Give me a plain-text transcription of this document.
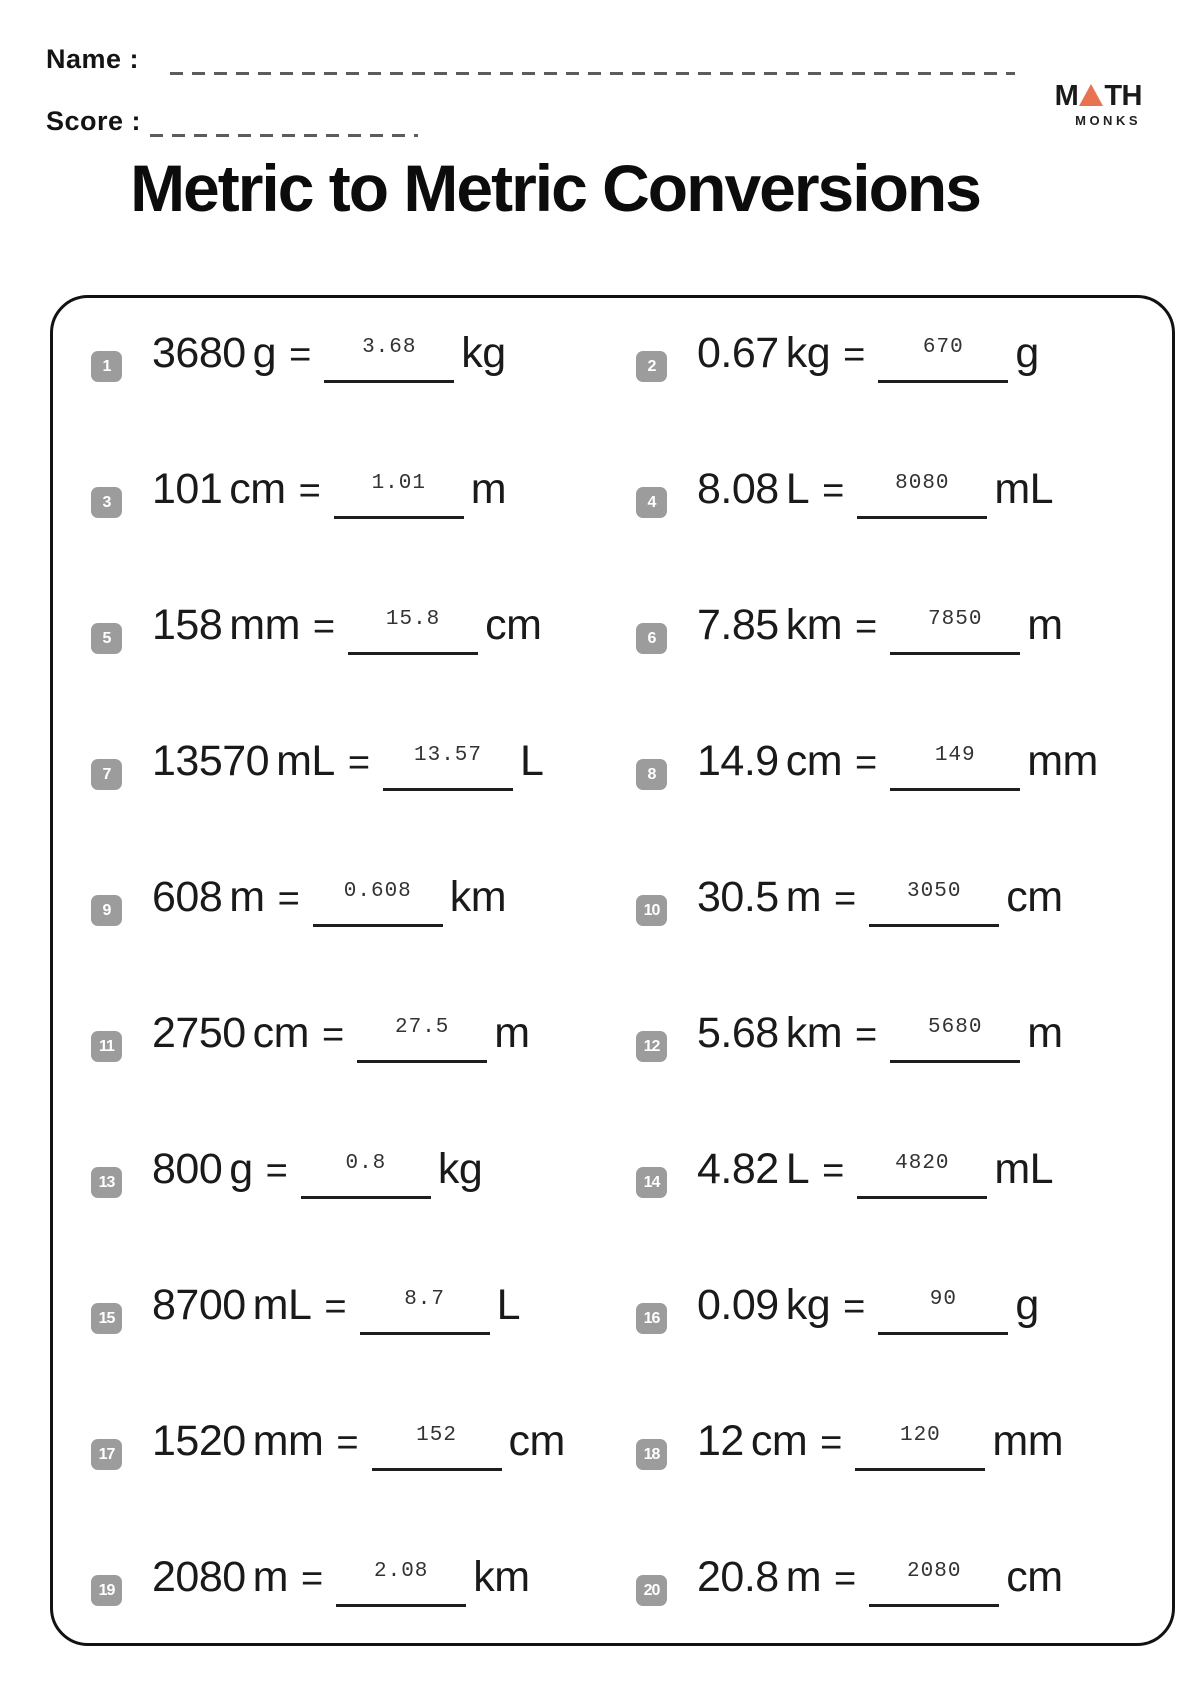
Name :
Score :
M TH
MONKS
Metric to Metric Conversions
1 3680 g = 3.68 kg	2 0.67 kg =	670 g
3 101 cm = 1.01 m	4 8.08 L = 8080 mL
5 158 mm = 15.8 cm	6 7.85 km = 7850 m
7 13570 mL = 13.57 L	8 14.9 cm =	149 mm
9 608 m = 0.608 km	10 30.5 m = 3050 cm
11 2750 cm = 27.5 m	12 5.68 km = 5680 m
13 800 g =	0.8 kg	14 4.82 L = 4820 mL
15 8700 mL =	8.7 L	16 0.09 kg =	90 g
17 1520 mm =	152 cm	18 12 cm =	120 mm
19 2080 m = 2.08 km	20 20.8 m = 2080 cm
